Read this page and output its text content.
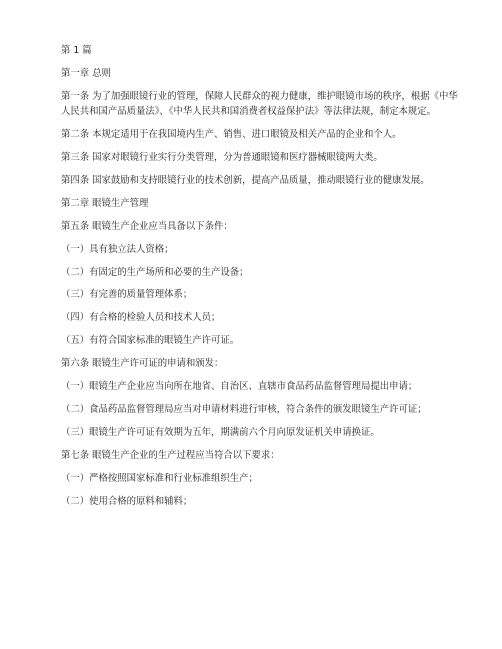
第 1 篇

第一章 总则

第一条 为了加强眼镜行业的管理，保障人民群众的视力健康，维护眼镜市场的秩序，根据《中华人民共和国产品质量法》、《中华人民共和国消费者权益保护法》等法律法规，制定本规定。

第二条 本规定适用于在我国境内生产、销售、进口眼镜及相关产品的企业和个人。

第三条 国家对眼镜行业实行分类管理，分为普通眼镜和医疗器械眼镜两大类。

第四条 国家鼓励和支持眼镜行业的技术创新，提高产品质量，推动眼镜行业的健康发展。

第二章 眼镜生产管理

第五条 眼镜生产企业应当具备以下条件：

（一）具有独立法人资格；

（二）有固定的生产场所和必要的生产设备；

（三）有完善的质量管理体系；

（四）有合格的检验人员和技术人员；

（五）有符合国家标准的眼镜生产许可证。

第六条 眼镜生产许可证的申请和颁发：

（一）眼镜生产企业应当向所在地省、自治区、直辖市食品药品监督管理局提出申请；

（二）食品药品监督管理局应当对申请材料进行审核，符合条件的颁发眼镜生产许可证；

（三）眼镜生产许可证有效期为五年，期满前六个月向原发证机关申请换证。

第七条 眼镜生产企业的生产过程应当符合以下要求：

（一）严格按照国家标准和行业标准组织生产；

（二）使用合格的原料和辅料；
